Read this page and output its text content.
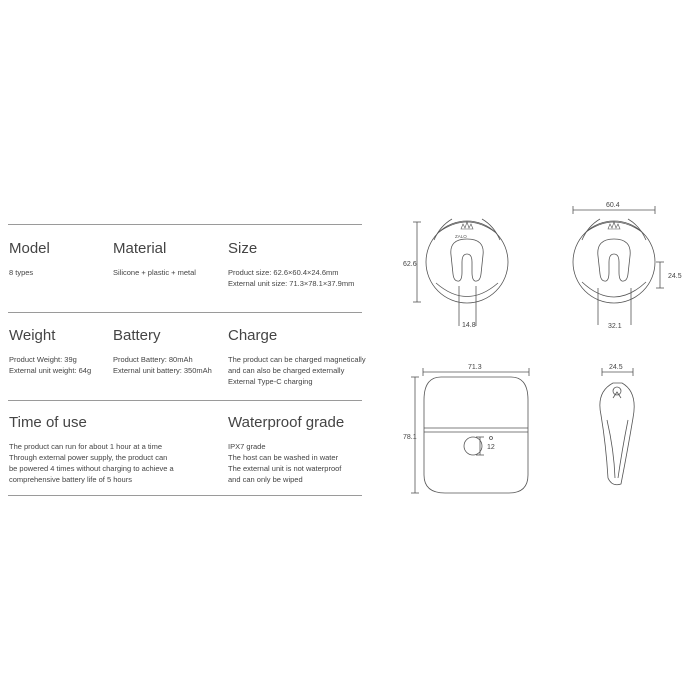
Model
8 types
Material
Silicone + plastic + metal
Size
Product size: 62.6×60.4×24.6mm
External unit size: 71.3×78.1×37.9mm
Weight
Product Weight: 39g
External unit weight: 64g
Battery
Product Battery: 80mAh
External unit battery: 350mAh
Charge
The product can be charged magnetically
and can also be charged externally
External Type-C charging
Time of use
The product can run for about 1 hour at a time
Through external power supply, the product can
be powered 4 times without charging to achieve a
comprehensive battery life of 5 hours
Waterproof grade
IPX7 grade
The host can be washed in water
The external unit is not waterproof
and can only be wiped
ZALO
62.6
14.8
60.4
24.5
32.1
71.3
78.1
12
24.5
